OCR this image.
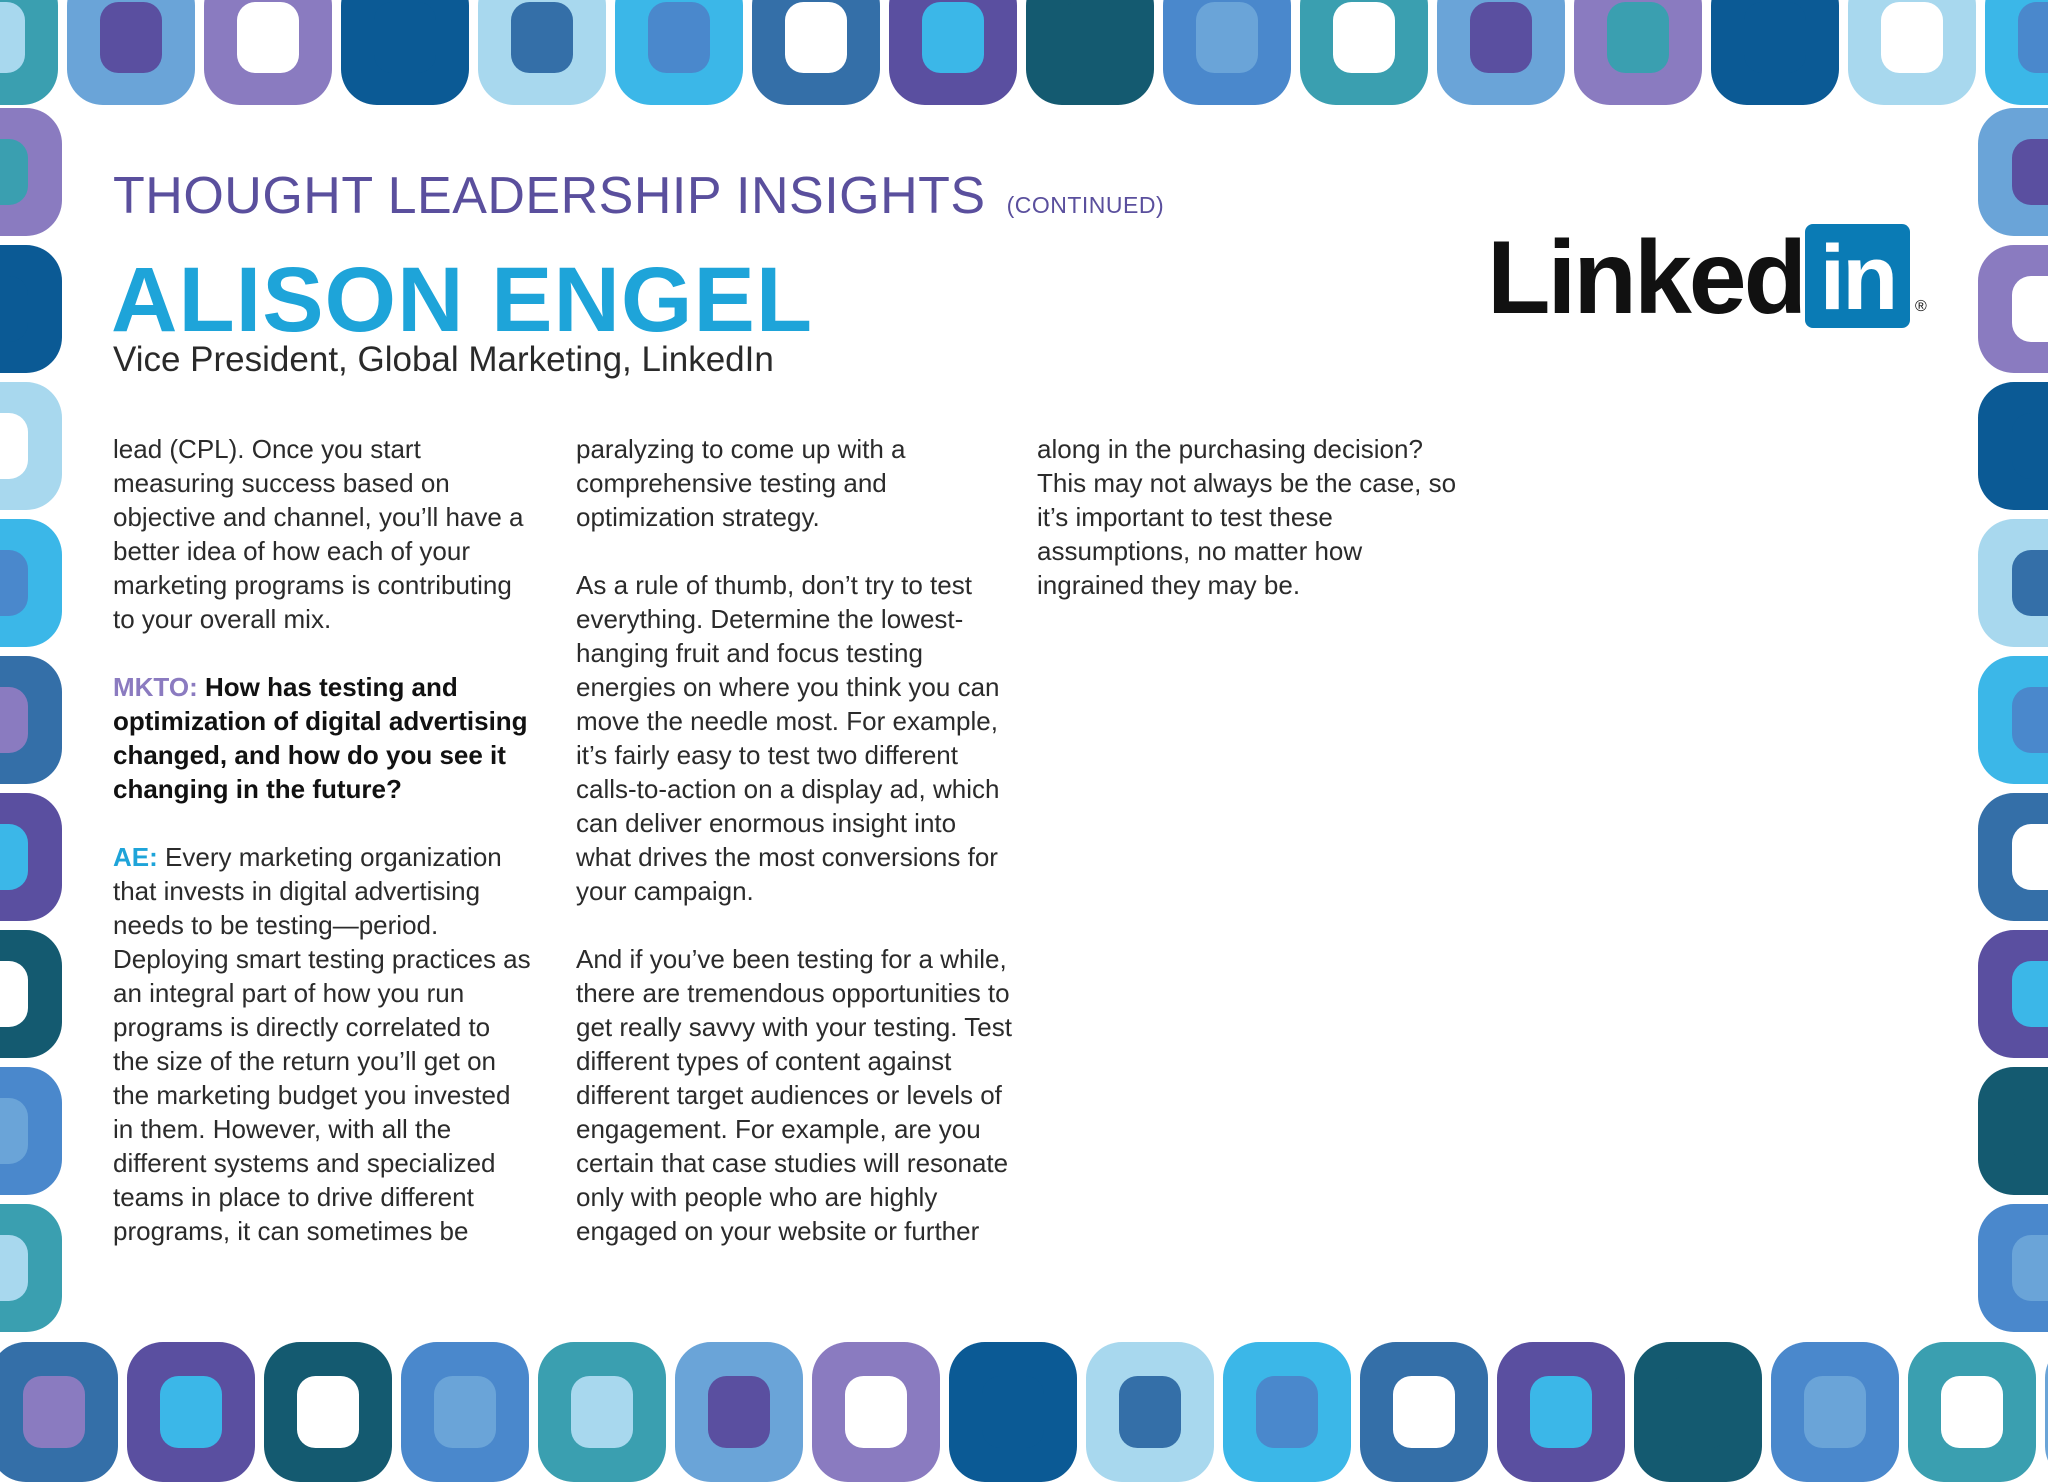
THOUGHT LEADERSHIP INSIGHTS (CONTINUED)
ALISON ENGEL
Vice President, Global Marketing, LinkedIn
Linked in	®

lead (CPL). Once you start measuring success based on objective and channel, you’ll have a better idea of how each of your marketing programs is contributing to your overall mix.

MKTO: How has testing and optimization of digital advertising changed, and how do you see it changing in the future?

AE: Every marketing organization that invests in digital advertising needs to be testing—period. Deploying smart testing practices as an integral part of how you run programs is directly correlated to the size of the return you’ll get on the marketing budget you invested in them. However, with all the different systems and specialized teams in place to drive different programs, it can sometimes be

paralyzing to come up with a comprehensive testing and optimization strategy.

As a rule of thumb, don’t try to test everything. Determine the lowest-hanging fruit and focus testing energies on where you think you can move the needle most. For example, it’s fairly easy to test two different calls-to-action on a display ad, which can deliver enormous insight into what drives the most conversions for your campaign.

And if you’ve been testing for a while, there are tremendous opportunities to get really savvy with your testing. Test different types of content against different target audiences or levels of engagement. For example, are you certain that case studies will resonate only with people who are highly engaged on your website or further

along in the purchasing decision? This may not always be the case, so it’s important to test these assumptions, no matter how ingrained they may be.
